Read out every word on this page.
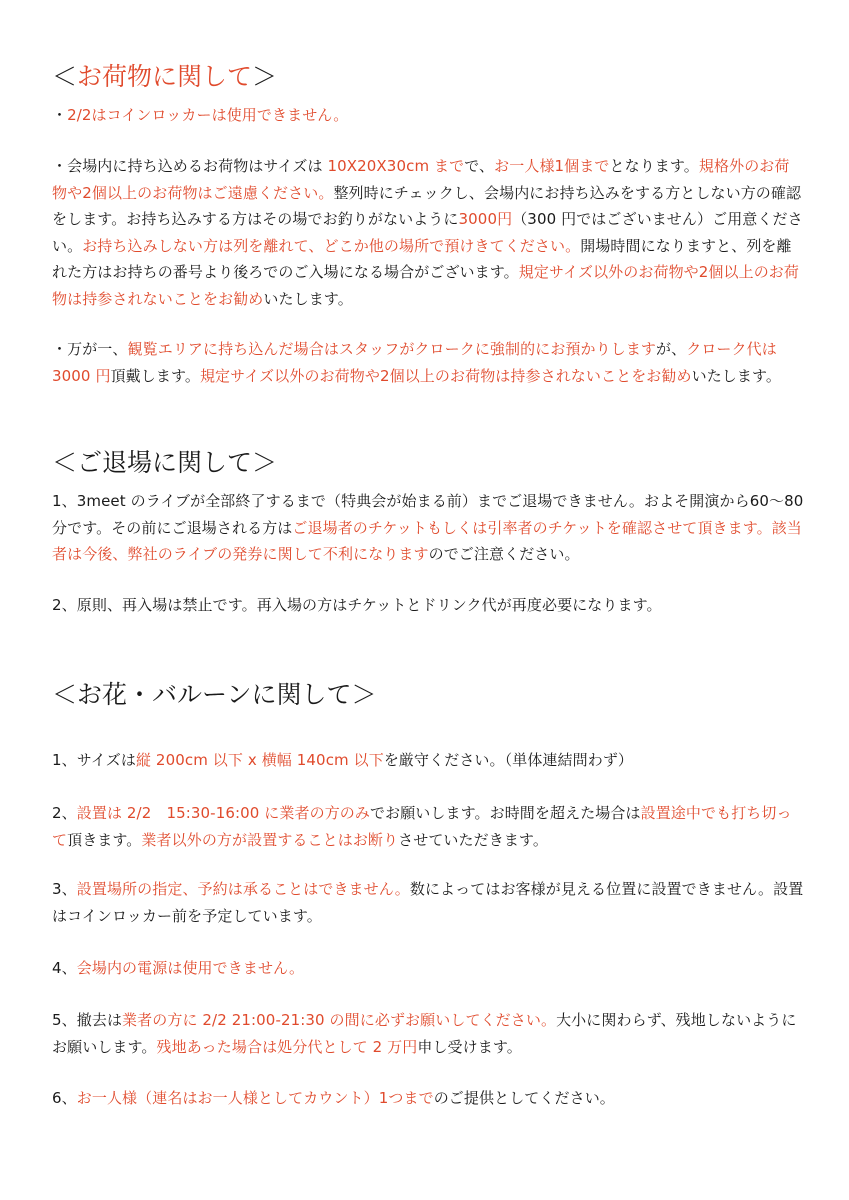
＜お荷物に関して＞
・2/2はコインロッカーは使用できません。
・会場内に持ち込めるお荷物はサイズは 10X20X30cm までで、お一人様1個までとなります。規格外のお荷物や2個以上のお荷物はご遠慮ください。整列時にチェックし、会場内にお持ち込みをする方としない方の確認をします。お持ち込みする方はその場でお釣りがないように3000円（300 円ではございません）ご用意ください。お持ち込みしない方は列を離れて、どこか他の場所で預けきてください。開場時間になりますと、列を離れた方はお持ちの番号より後ろでのご入場になる場合がございます。規定サイズ以外のお荷物や2個以上のお荷物は持参されないことをお勧めいたします。
・万が一、観覧エリアに持ち込んだ場合はスタッフがクロークに強制的にお預かりしますが、クローク代は 3000 円頂戴します。規定サイズ以外のお荷物や2個以上のお荷物は持参されないことをお勧めいたします。
＜ご退場に関して＞
1、3meet のライブが全部終了するまで（特典会が始まる前）までご退場できません。およそ開演から60～80分です。その前にご退場される方はご退場者のチケットもしくは引率者のチケットを確認させて頂きます。該当者は今後、弊社のライブの発券に関して不利になりますのでご注意ください。
2、原則、再入場は禁止です。再入場の方はチケットとドリンク代が再度必要になります。
＜お花・バルーンに関して＞
1、サイズは縦 200cm 以下 x 横幅 140cm 以下を厳守ください。（単体連結問わず）
2、設置は 2/2　15:30-16:00 に業者の方のみでお願いします。お時間を超えた場合は設置途中でも打ち切って頂きます。業者以外の方が設置することはお断りさせていただきます。
3、設置場所の指定、予約は承ることはできません。数によってはお客様が見える位置に設置できません。設置はコインロッカー前を予定しています。
4、会場内の電源は使用できません。
5、撤去は業者の方に 2/2 21:00-21:30 の間に必ずお願いしてください。大小に関わらず、残地しないようにお願いします。残地あった場合は処分代として 2 万円申し受けます。
6、お一人様（連名はお一人様としてカウント）1つまでのご提供としてください。
